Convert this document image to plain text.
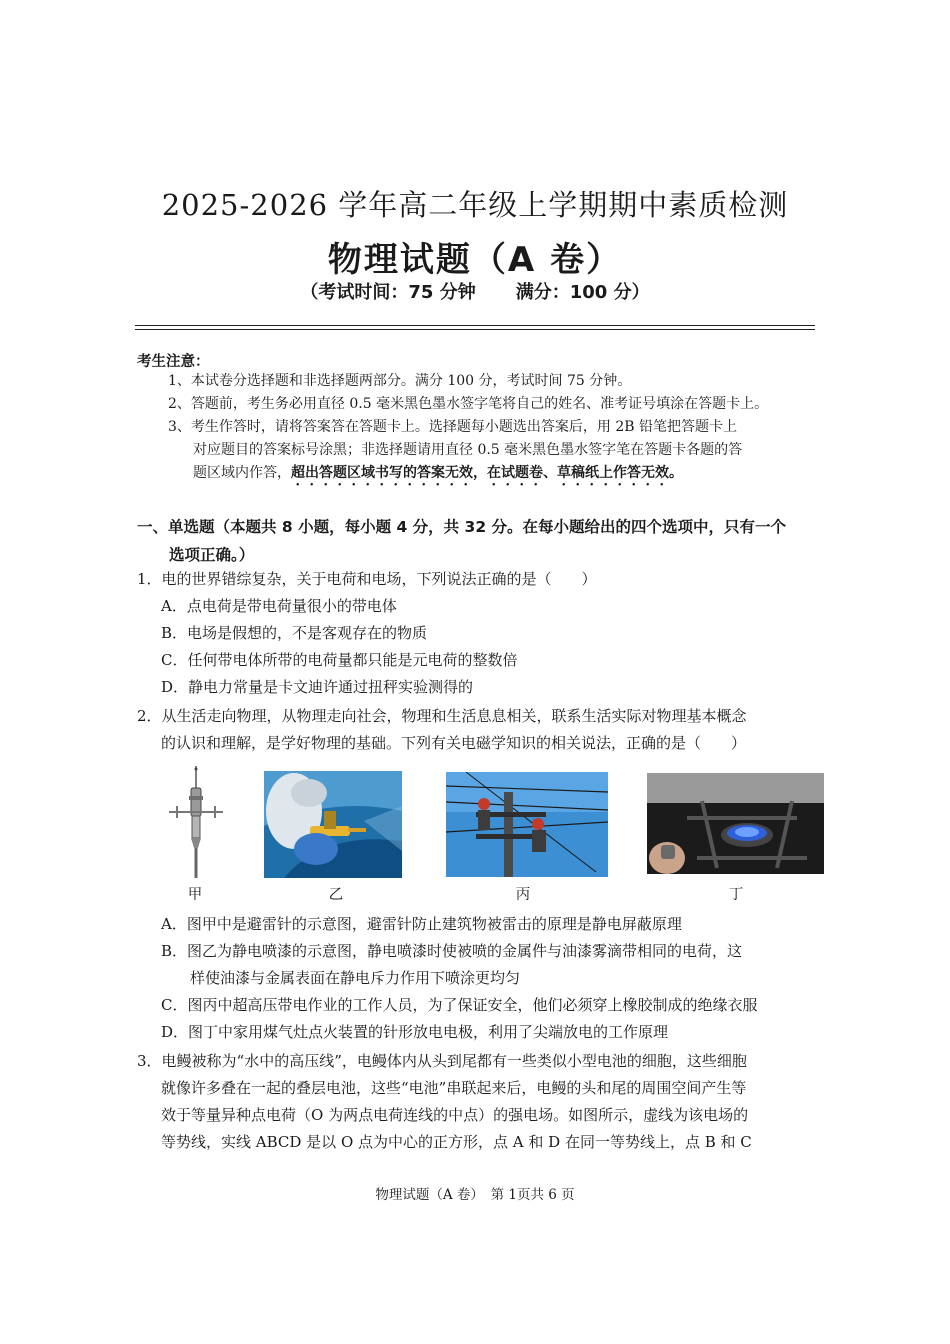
2025-2026 学年高二年级上学期期中素质检测
物理试题（A 卷）
（考试时间：75 分钟 满分：100 分）
考生注意：
1、本试卷分选择题和非选择题两部分。满分 100 分，考试时间 75 分钟。
2、答题前，考生务必用直径 0.5 毫米黑色墨水签字笔将自己的姓名、准考证号填涂在答题卡上。
3、考生作答时，请将答案答在答题卡上。选择题每小题选出答案后，用 2B 铅笔把答题卡上
对应题目的答案标号涂黑；非选择题请用直径 0.5 毫米黑色墨水签字笔在答题卡各题的答
题区域内作答，超出答题区域书写的答案无效，在试题卷、草稿纸上作答无效。
一、单选题（本题共 8 小题，每小题 4 分，共 32 分。在每小题给出的四个选项中，只有一个
选项正确。）
1．电的世界错综复杂，关于电荷和电场，下列说法正确的是（　　）
A．点电荷是带电荷量很小的带电体
B．电场是假想的，不是客观存在的物质
C．任何带电体所带的电荷量都只能是元电荷的整数倍
D．静电力常量是卡文迪许通过扭秤实验测得的
2．从生活走向物理，从物理走向社会，物理和生活息息相关，联系生活实际对物理基本概念
的认识和理解，是学好物理的基础。下列有关电磁学知识的相关说法，正确的是（　　）
甲	乙	丙	丁
A．图甲中是避雷针的示意图，避雷针防止建筑物被雷击的原理是静电屏蔽原理
B．图乙为静电喷漆的示意图，静电喷漆时使被喷的金属件与油漆雾滴带相同的电荷，这
样使油漆与金属表面在静电斥力作用下喷涂更均匀
C．图丙中超高压带电作业的工作人员，为了保证安全，他们必须穿上橡胶制成的绝缘衣服
D．图丁中家用煤气灶点火装置的针形放电电极，利用了尖端放电的工作原理
3．电鳗被称为“水中的高压线”，电鳗体内从头到尾都有一些类似小型电池的细胞，这些细胞
就像许多叠在一起的叠层电池，这些“电池”串联起来后，电鳗的头和尾的周围空间产生等
效于等量异种点电荷（O 为两点电荷连线的中点）的强电场。如图所示，虚线为该电场的
等势线，实线 ABCD 是以 O 点为中心的正方形，点 A 和 D 在同一等势线上，点 B 和 C
物理试题（A 卷）　第 1页共 6 页
